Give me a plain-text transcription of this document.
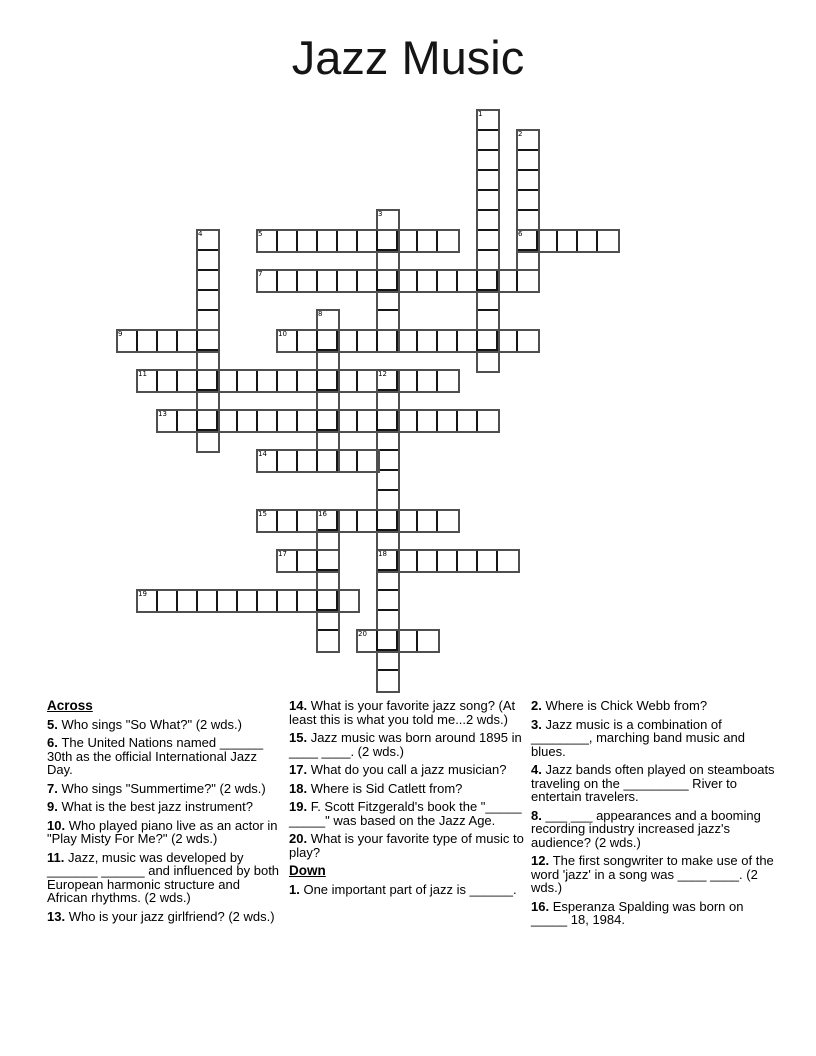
Jazz Music
1
2
3
4	5	6
7
8
9	10
11	12
13
14
15	16
17	18
19
20

Across

5. Who sings "So What?" (2 wds.)

6. The United Nations named ______ 30th as the official International Jazz Day.

7. Who sings "Summertime?" (2 wds.)

9. What is the best jazz instrument?

10. Who played piano live as an actor in "Play Misty For Me?" (2 wds.)

11. Jazz, music was developed by _______ ______ and influenced by both European harmonic structure and African rhythms. (2 wds.)

13. Who is your jazz girlfriend? (2 wds.)

14. What is your favorite jazz song? (At least this is what you told me...2 wds.)

15. Jazz music was born around 1895 in ____ ____. (2 wds.)

17. What do you call a jazz musician?

18. Where is Sid Catlett from?

19. F. Scott Fitzgerald's book the "_____ _____" was based on the Jazz Age.

20. What is your favorite type of music to play?

Down

1. One important part of jazz is ______.

2. Where is Chick Webb from?

3. Jazz music is a combination of ________, marching band music and blues.

4. Jazz bands often played on steamboats traveling on the _________ River to entertain travelers.

8. ___ ___ appearances and a booming recording industry increased jazz's audience? (2 wds.)

12. The first songwriter to make use of the word 'jazz' in a song was ____ ____. (2 wds.)

16. Esperanza Spalding was born on _____ 18, 1984.
